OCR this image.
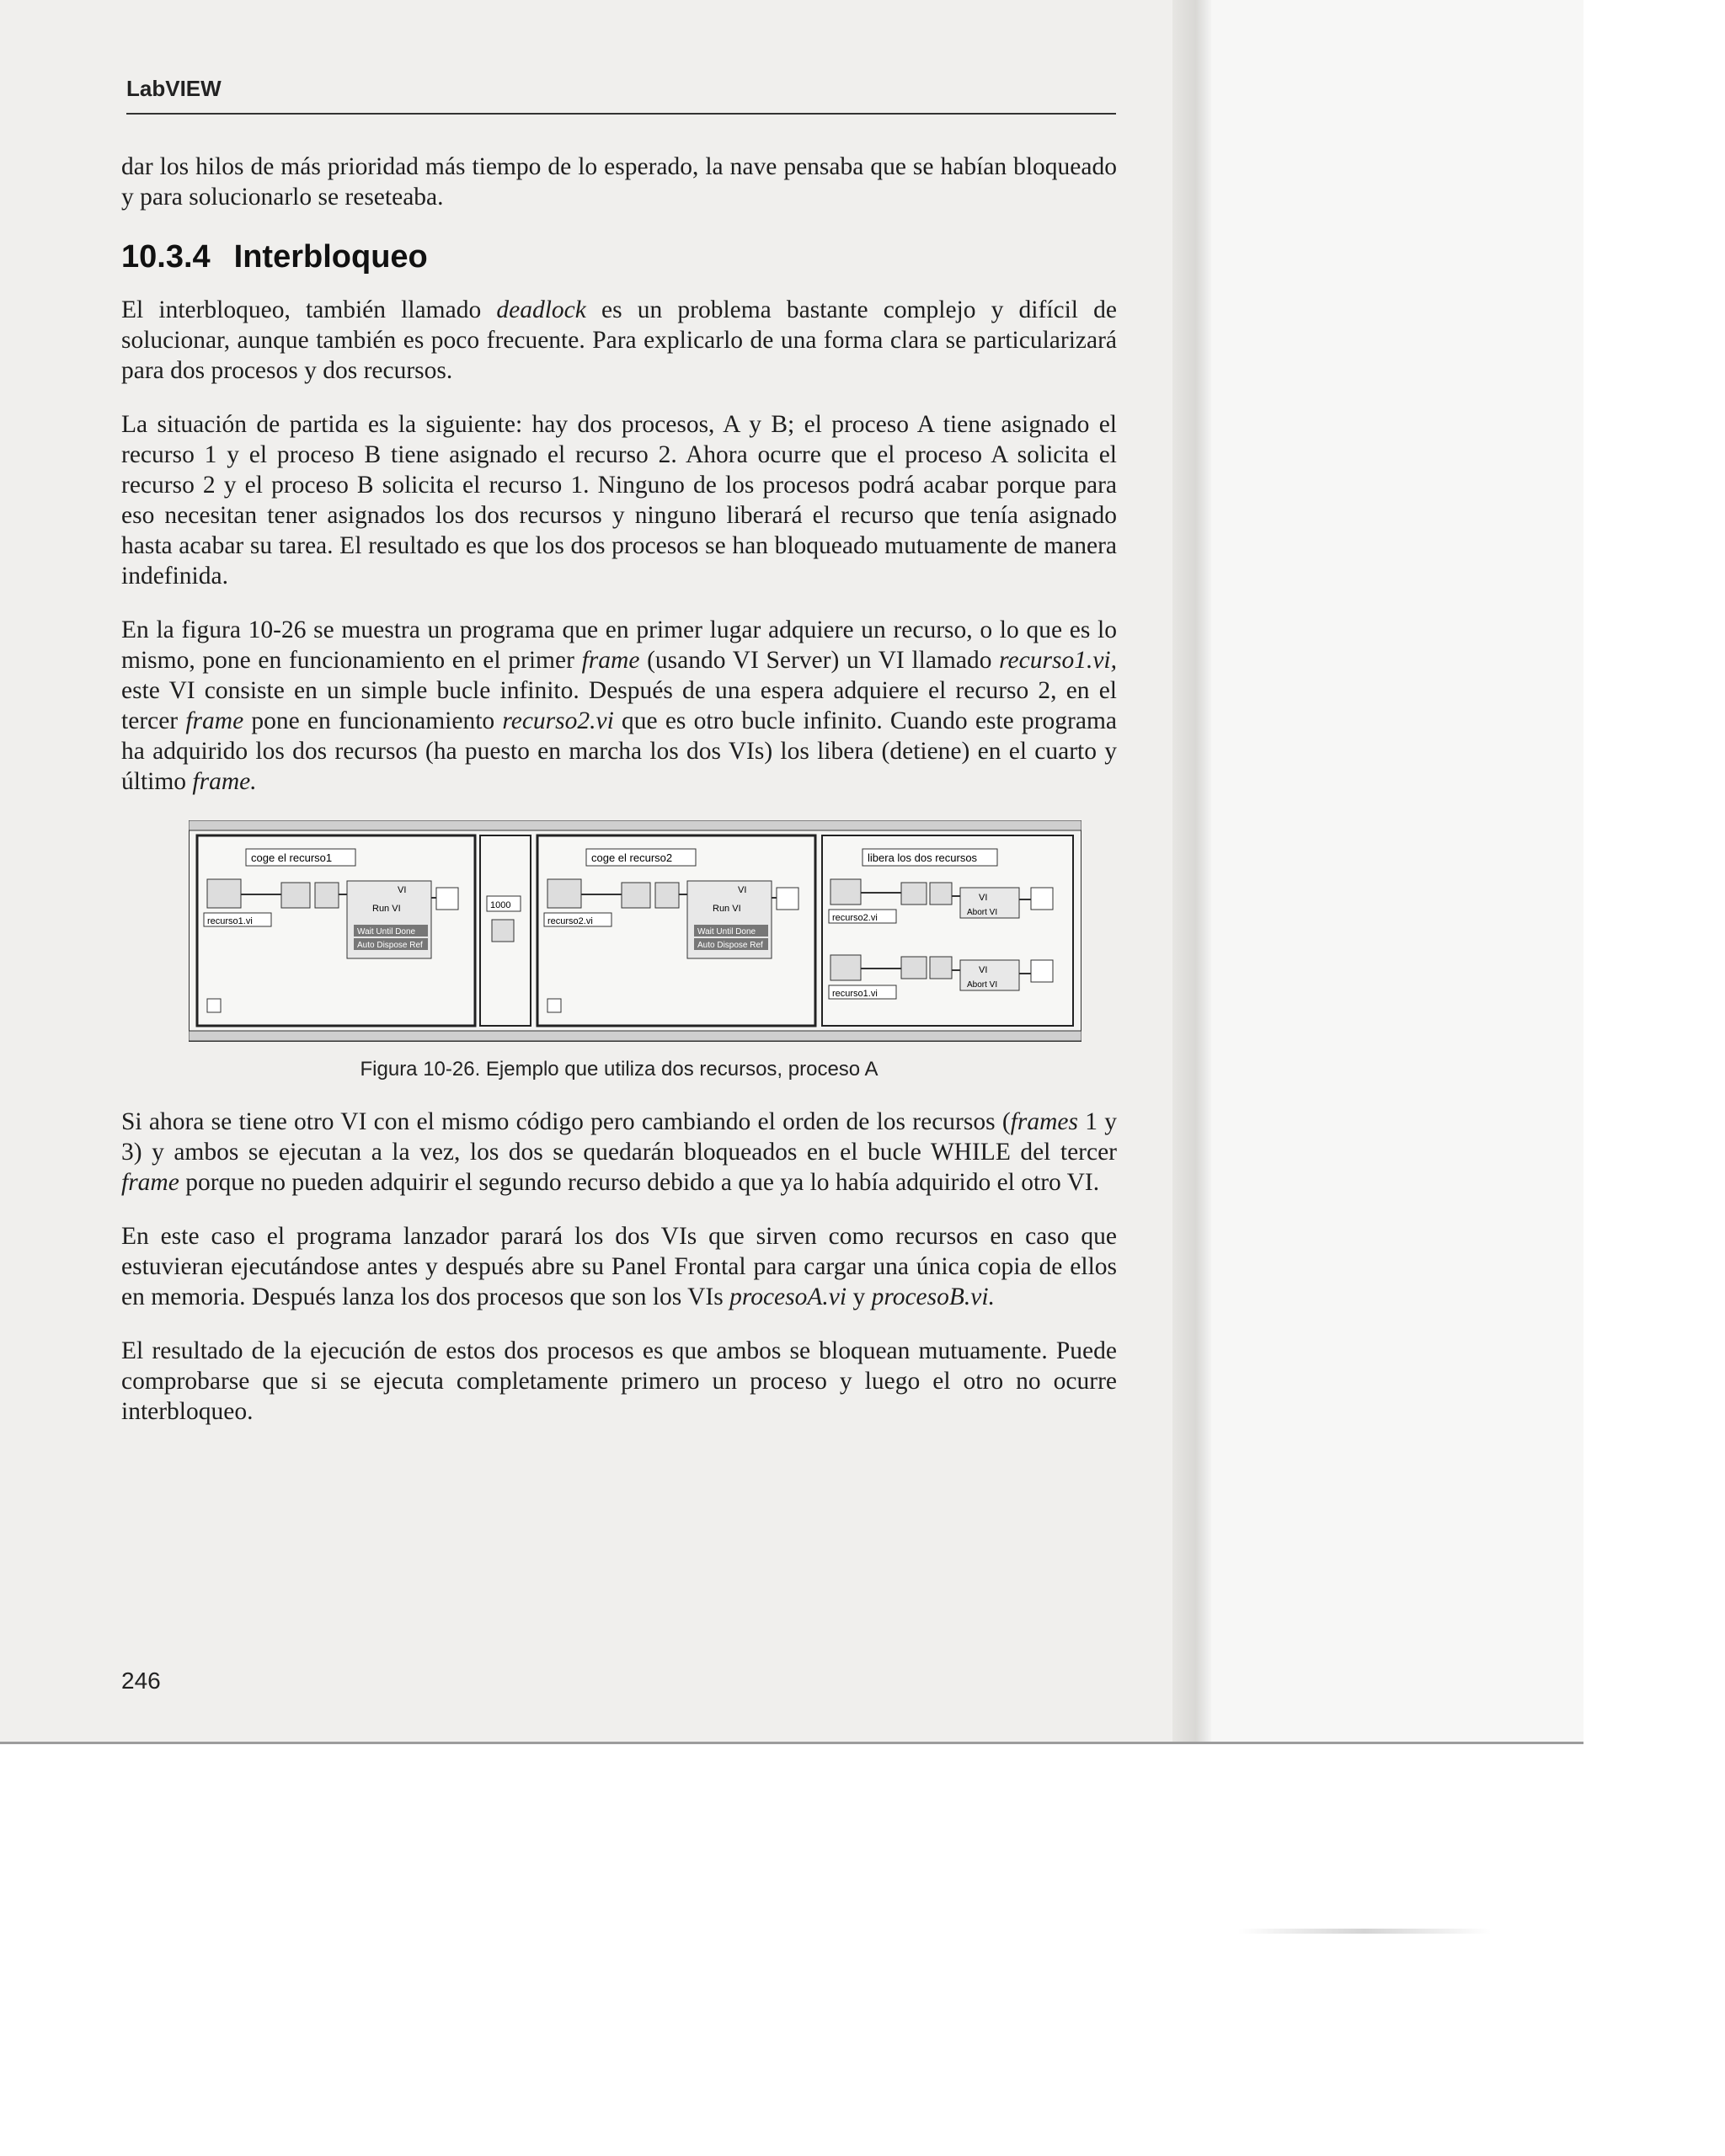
LabVIEW

dar los hilos de más prioridad más tiempo de lo esperado, la nave pensaba que se habían bloqueado y para solucionarlo se reseteaba.

10.3.4 Interbloqueo

El interbloqueo, también llamado deadlock es un problema bastante complejo y difícil de solucionar, aunque también es poco frecuente. Para explicarlo de una forma clara se particularizará para dos procesos y dos recursos.

La situación de partida es la siguiente: hay dos procesos, A y B; el proceso A tiene asignado el recurso 1 y el proceso B tiene asignado el recurso 2. Ahora ocurre que el proceso A solicita el recurso 2 y el proceso B solicita el recurso 1. Ninguno de los procesos podrá acabar porque para eso necesitan tener asignados los dos recursos y ninguno liberará el recurso que tenía asignado hasta acabar su tarea. El resultado es que los dos procesos se han bloqueado mutuamente de manera indefinida.

En la figura 10-26 se muestra un programa que en primer lugar adquiere un recurso, o lo que es lo mismo, pone en funcionamiento en el primer frame (usando VI Server) un VI llamado recurso1.vi, este VI consiste en un simple bucle infinito. Después de una espera adquiere el recurso 2, en el tercer frame pone en funcionamiento recurso2.vi que es otro bucle infinito. Cuando este programa ha adquirido los dos recursos (ha puesto en marcha los dos VIs) los libera (detiene) en el cuarto y último frame.

coge el recurso1
recurso1.vi
VI
Run VI
Wait Until Done
Auto Dispose Ref
1000
coge el recurso2
recurso2.vi
VI
Run VI
Wait Until Done
Auto Dispose Ref
libera los dos recursos
recurso2.vi
VI
Abort VI
recurso1.vi
VI
Abort VI
Figura 10-26. Ejemplo que utiliza dos recursos, proceso A

Si ahora se tiene otro VI con el mismo código pero cambiando el orden de los recursos (frames 1 y 3) y ambos se ejecutan a la vez, los dos se quedarán bloqueados en el bucle WHILE del tercer frame porque no pueden adquirir el segundo recurso debido a que ya lo había adquirido el otro VI.

En este caso el programa lanzador parará los dos VIs que sirven como recursos en caso que estuvieran ejecutándose antes y después abre su Panel Frontal para cargar una única copia de ellos en memoria. Después lanza los dos procesos que son los VIs procesoA.vi y procesoB.vi.

El resultado de la ejecución de estos dos procesos es que ambos se bloquean mutuamente. Puede comprobarse que si se ejecuta completamente primero un proceso y luego el otro no ocurre interbloqueo.

246
